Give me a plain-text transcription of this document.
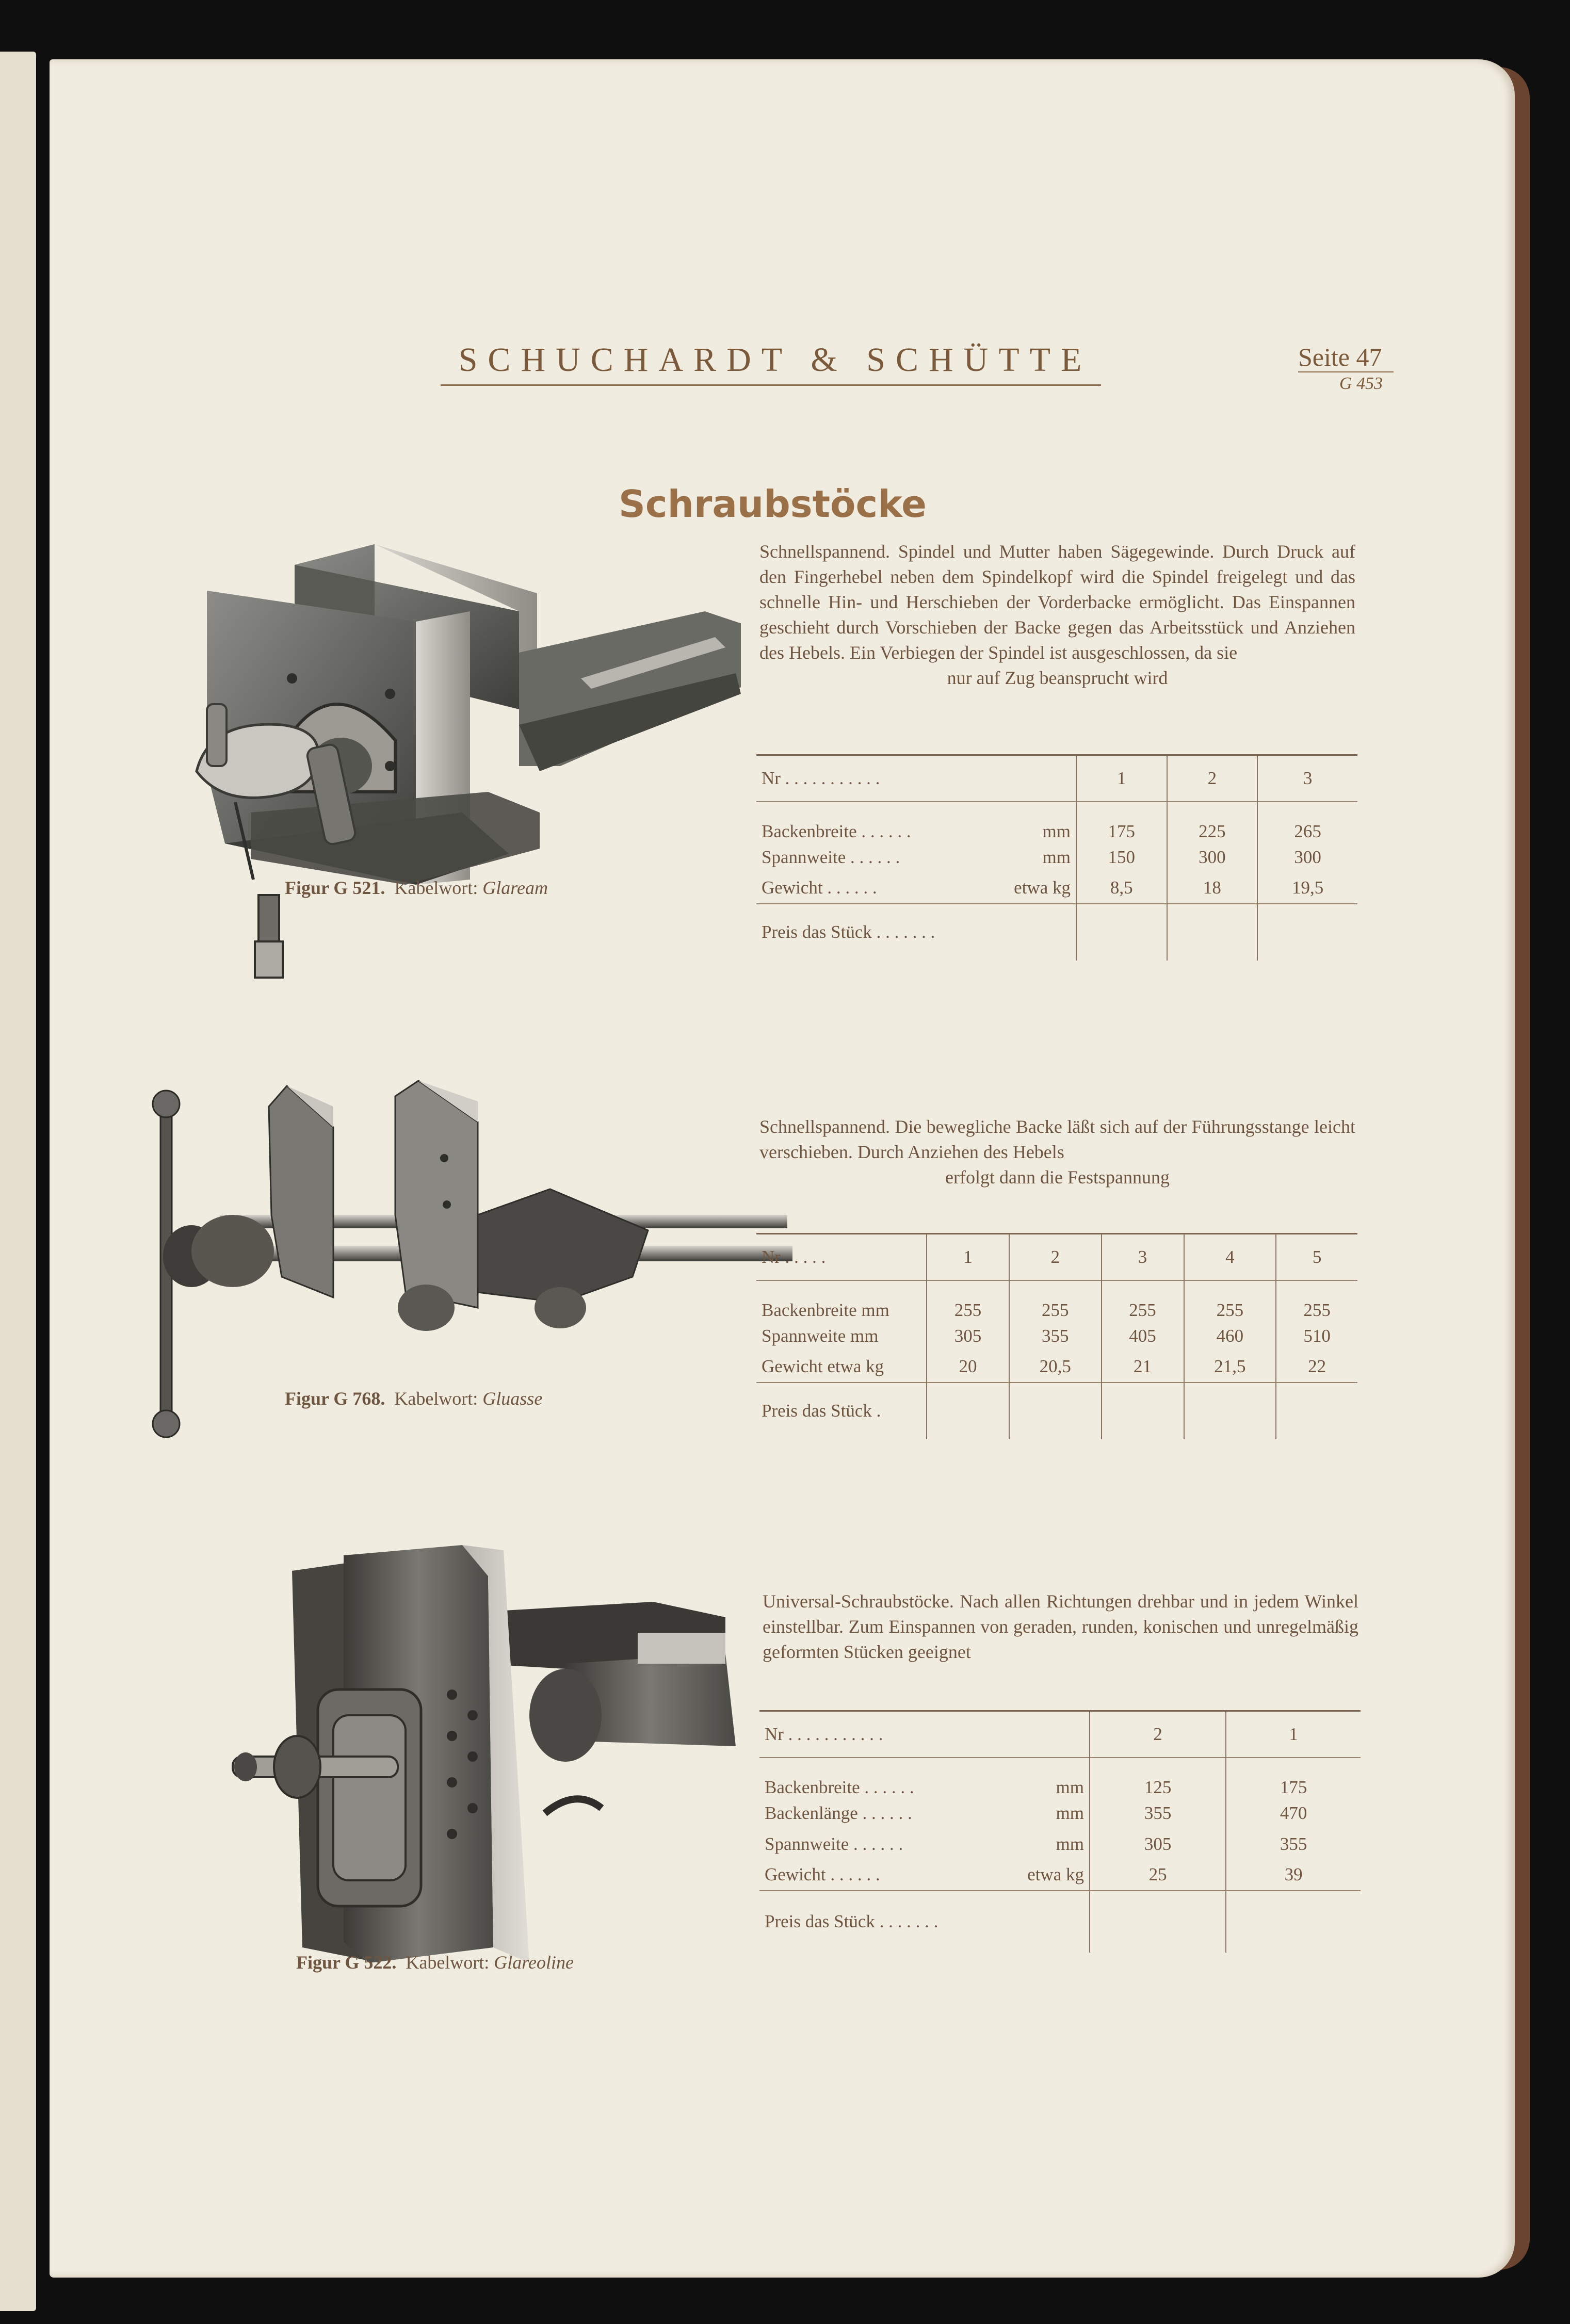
SCHUCHARDT & SCHÜTTE	Seite 47
G 453
Schraubstöcke
Figur G 521. Kabelwort: Glaream
Schnellspannend. Spindel und Mutter haben Sägegewinde. Durch Druck auf den Fingerhebel neben dem Spindelkopf wird die Spindel freigelegt und das schnelle Hin- und Herschieben der Vorderbacke ermöglicht. Das Einspannen geschieht durch Vorschieben der Backe gegen das Arbeitsstück und Anziehen des Hebels. Ein Verbiegen der Spindel ist ausgeschlossen, da sie
nur auf Zug beansprucht wird
Nr . . . . . . . . . . .	1	2	3
Backenbreite . . . . . . mm	175	225	265
Spannweite . . . . . . mm	150	300	300
Gewicht . . . . . . etwa kg	8,5	18	19,5
Preis das Stück . . . . . . .			
Figur G 768. Kabelwort: Gluasse
Schnellspannend. Die bewegliche Backe läßt sich auf der Führungsstange leicht verschieben. Durch Anziehen des Hebels
erfolgt dann die Festspannung
Nr . . . . .	1	2	3	4	5
Backenbreite mm	255	255	255	255	255
Spannweite mm	305	355	405	460	510
Gewicht etwa kg	20	20,5	21	21,5	22
Preis das Stück .					
Figur G 522. Kabelwort: Glareoline
Universal-Schraubstöcke. Nach allen Richtungen drehbar und in jedem Winkel einstellbar. Zum Einspannen von geraden, runden, konischen und unregelmäßig geformten Stücken geeignet
Nr . . . . . . . . . . .	2	1
Backenbreite . . . . . . mm	125	175
Backenlänge . . . . . . mm	355	470
Spannweite . . . . . . mm	305	355
Gewicht . . . . . . etwa kg	25	39
Preis das Stück . . . . . . .		
